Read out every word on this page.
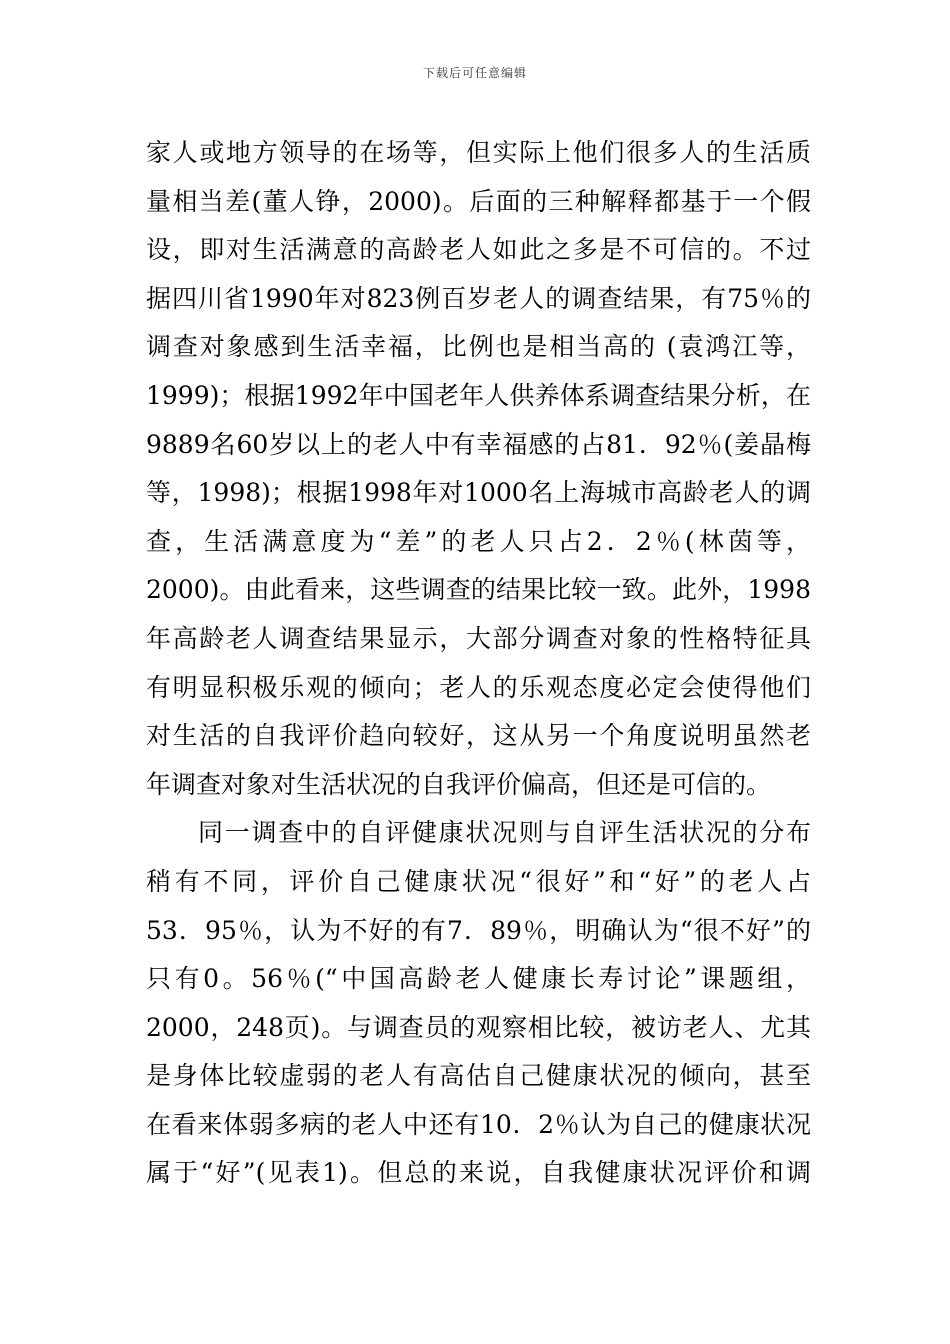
下载后可任意编辑
家人或地方领导的在场等，但实际上他们很多人的生活质
量相当差(董人铮，2000)。后面的三种解释都基于一个假
设，即对生活满意的高龄老人如此之多是不可信的。不过
据四川省1990年对823例百岁老人的调查结果，有75％的
调查对象感到生活幸福，比例也是相当高的 (袁鸿江等，
1999)；根据1992年中国老年人供养体系调查结果分析，在
9889名60岁以上的老人中有幸福感的占81．92％(姜晶梅
等，1998)；根据1998年对1000名上海城市高龄老人的调
查，生活满意度为“差”的老人只占2．2％(林茵等，
2000)。由此看来，这些调查的结果比较一致。此外，1998
年高龄老人调查结果显示，大部分调查对象的性格特征具
有明显积极乐观的倾向；老人的乐观态度必定会使得他们
对生活的自我评价趋向较好，这从另一个角度说明虽然老
年调查对象对生活状况的自我评价偏高，但还是可信的。
同一调查中的自评健康状况则与自评生活状况的分布
稍有不同，评价自己健康状况“很好”和“好”的老人占
53．95％，认为不好的有7．89％，明确认为“很不好”的
只有0。56％(“中国高龄老人健康长寿讨论”课题组，
2000，248页)。与调查员的观察相比较，被访老人、尤其
是身体比较虚弱的老人有高估自己健康状况的倾向，甚至
在看来体弱多病的老人中还有10．2％认为自己的健康状况
属于“好”(见表1)。但总的来说，自我健康状况评价和调
